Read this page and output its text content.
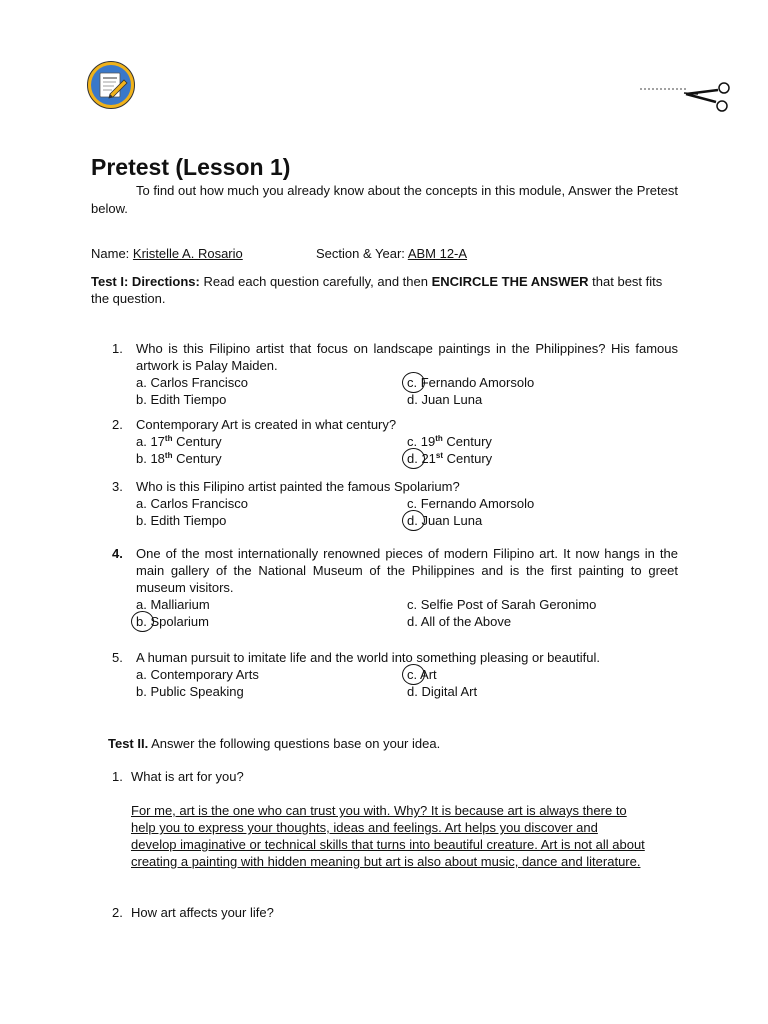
Pretest (Lesson 1)

To find out how much you already know about the concepts in this module, Answer the Pretest below.

Name: Kristelle A. Rosario	Section & Year: ABM 12-A

Test I: Directions: Read each question carefully, and then ENCIRCLE THE ANSWER that best fits the question.

1.	Who is this Filipino artist that focus on landscape paintings in the Philippines? His famous artwork is Palay Maiden.
a. Carlos Francisco	c. Fernando Amorsolo
b. Edith Tiempo	d. Juan Luna
2.	Contemporary Art is created in what century?
a. 17th Century	c. 19th Century
b. 18th Century	d. 21st Century
3.	Who is this Filipino artist painted the famous Spolarium?
a. Carlos Francisco	c. Fernando Amorsolo
b. Edith Tiempo	d. Juan Luna
4.	One of the most internationally renowned pieces of modern Filipino art. It now hangs in the main gallery of the National Museum of the Philippines and is the first painting to greet museum visitors.
a. Malliarium	c. Selfie Post of Sarah Geronimo
b. Spolarium	d. All of the Above
5.	A human pursuit to imitate life and the world into something pleasing or beautiful.
a. Contemporary Arts	c. Art
b. Public Speaking	d. Digital Art
Test II. Answer the following questions base on your idea.
1. What is art for you?
For me, art is the one who can trust you with. Why? It is because art is always there to
help you to express your thoughts, ideas and feelings. Art helps you discover and
develop imaginative or technical skills that turns into beautiful creature. Art is not all about
creating a painting with hidden meaning but art is also about music, dance and literature.
2. How art affects your life?
